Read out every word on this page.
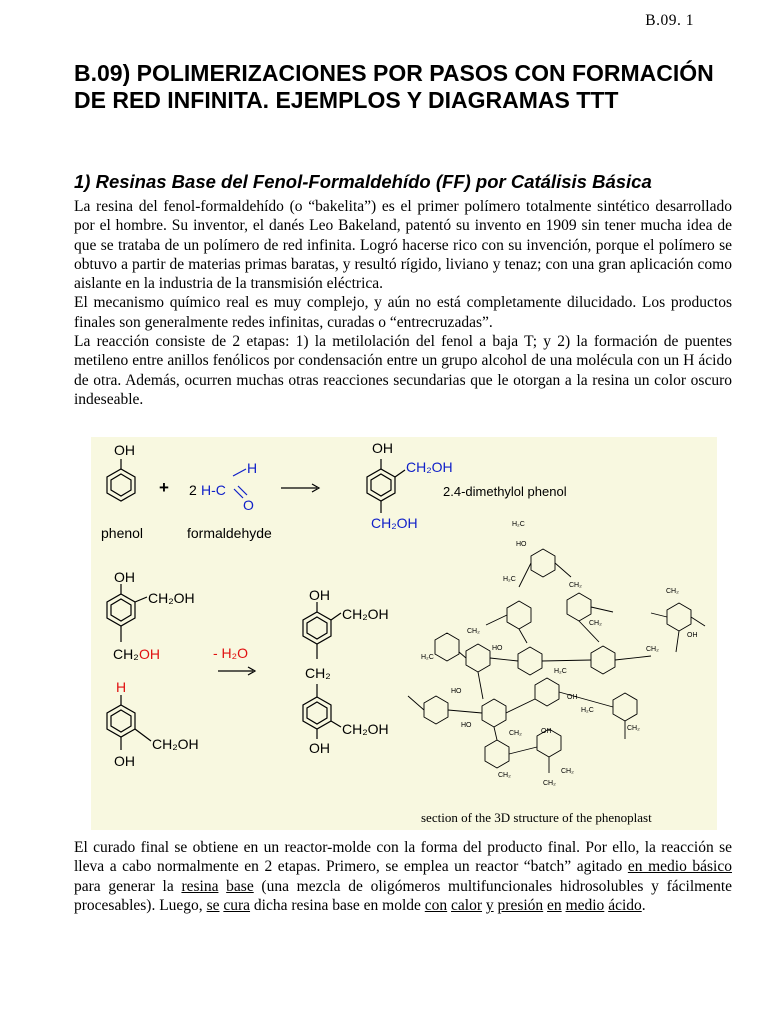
B.09. 1
B.09) POLIMERIZACIONES POR PASOS CON FORMACIÓN DE RED INFINITA. EJEMPLOS Y DIAGRAMAS TTT
1) Resinas Base del Fenol-Formaldehído (FF) por Catálisis Básica

La resina del fenol-formaldehído (o “bakelita”) es el primer polímero totalmente sintético desarrollado por el hombre. Su inventor, el danés Leo Bakeland, patentó su invento en 1909 sin tener mucha idea de que se trataba de un polímero de red infinita. Logró hacerse rico con su invención, porque el polímero se obtuvo a partir de materias primas baratas, y resultó rígido, liviano y tenaz; con una gran aplicación como aislante en la industria de la transmisión eléctrica.

El mecanismo químico real es muy complejo, y aún no está completamente dilucidado. Los productos finales son generalmente redes infinitas, curadas o “entrecruzadas”.

La reacción consiste de 2 etapas: 1) la metilolación del fenol a baja T; y 2) la formación de puentes metileno entre anillos fenólicos por condensación entre un grupo alcohol de una molécula con un H ácido de otra. Además, ocurren muchas otras reacciones secundarias que le otorgan a la resina un color oscuro indeseable.

H₂C
CH₂
H₂C
HO
CH₂
CH₂
OH
CH₂
CH₂
HO
H₂C
H₂C
HO
OH
H₂C
CH₂
HO
CH₂
OH	CH₂
CH₂
CH₂
OH
phenol
+ 2
H
H-C
O
formaldehyde
OH
CH₂OH
CH₂OH
2.4-dimethylol phenol
OH
CH₂OH
CH₂ OH
H
CH₂OH
OH
- H₂O
OH
CH₂OH
CH₂
CH₂OH
OH
section of the 3D structure of the phenoplast

El curado final se obtiene en un reactor-molde con la forma del producto final. Por ello, la reacción se lleva a cabo normalmente en 2 etapas. Primero, se emplea un reactor “batch” agitado en medio básico para generar la resina base (una mezcla de oligómeros multifuncionales hidrosolubles y fácilmente procesables). Luego, se cura dicha resina base en molde con calor y presión en medio ácido.
